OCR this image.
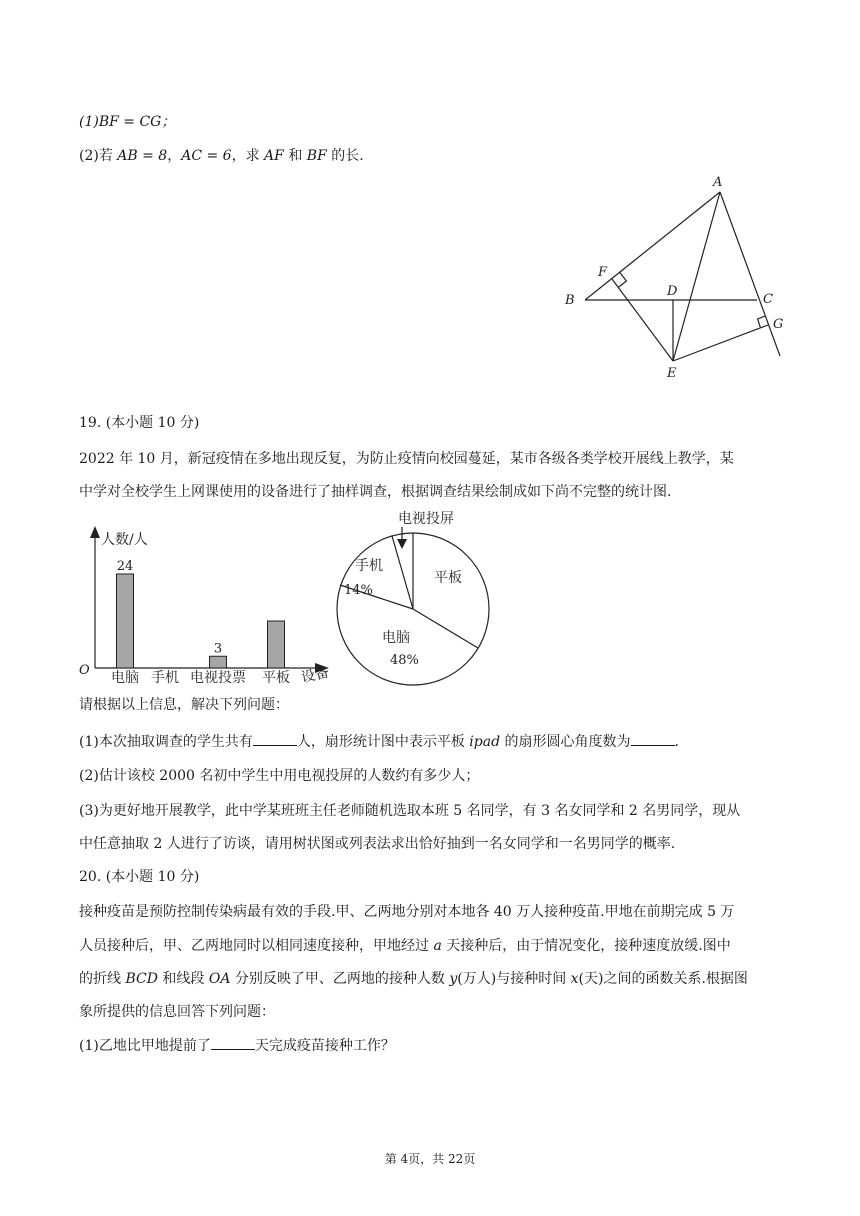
(1)BF = CG；
(2)若 AB = 8，AC = 6，求 AF 和 BF 的长.
A
B	C
D
E
F
G
19. (本小题 10 分)
2022 年 10 月，新冠疫情在多地出现反复，为防止疫情向校园蔓延，某市各级各类学校开展线上教学，某
中学对全校学生上网课使用的设备进行了抽样调查，根据调查结果绘制成如下尚不完整的统计图.
人数/人
O	设备
24
电脑 手机
3
电视投票 平板
电视投屏
平板
电脑
48%
手机
14%
请根据以上信息，解决下列问题：
(1)本次抽取调查的学生共有	人，扇形统计图中表示平板 ipad 的扇形圆心角度数为	.
(2)估计该校 2000 名初中学生中用电视投屏的人数约有多少人；
(3)为更好地开展教学，此中学某班班主任老师随机选取本班 5 名同学，有 3 名女同学和 2 名男同学，现从
中任意抽取 2 人进行了访谈，请用树状图或列表法求出恰好抽到一名女同学和一名男同学的概率.
20. (本小题 10 分)
接种疫苗是预防控制传染病最有效的手段.甲、乙两地分别对本地各 40 万人接种疫苗.甲地在前期完成 5 万
人员接种后，甲、乙两地同时以相同速度接种，甲地经过 a 天接种后，由于情况变化，接种速度放缓.图中
的折线 BCD 和线段 OA 分别反映了甲、乙两地的接种人数 y(万人)与接种时间 x(天)之间的函数关系.根据图
象所提供的信息回答下列问题：
(1)乙地比甲地提前了	天完成疫苗接种工作？
第 4页，共 22页
